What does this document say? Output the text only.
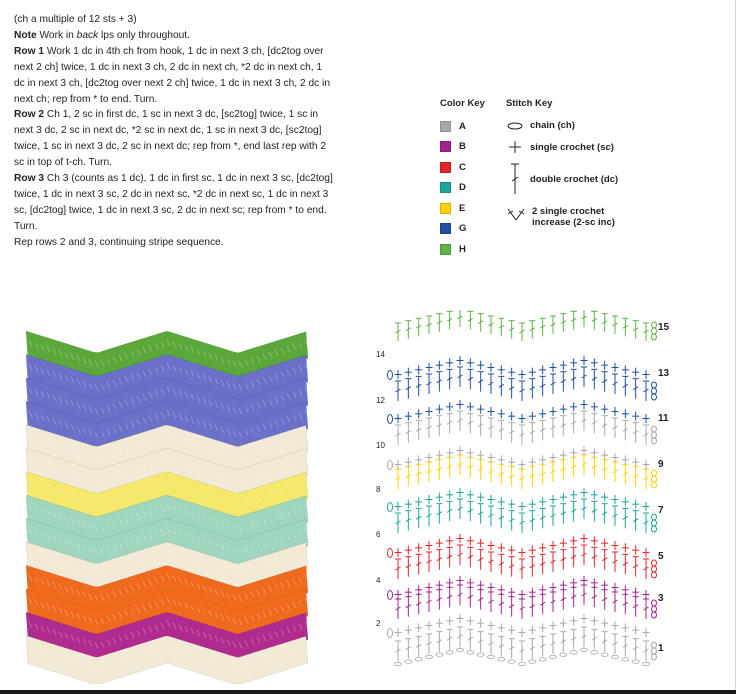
(ch a multiple of 12 sts + 3)

Note Work in back lps only throughout.

Row 1 Work 1 dc in 4th ch from hook, 1 dc in next 3 ch, [dc2tog over next 2 ch] twice, 1 dc in next 3 ch, 2 dc in next ch, *2 dc in next ch, 1 dc in next 3 ch, [dc2tog over next 2 ch] twice, 1 dc in next 3 ch, 2 dc in next ch; rep from * to end. Turn.

Row 2 Ch 1, 2 sc in first dc, 1 sc in next 3 dc, [sc2tog] twice, 1 sc in next 3 dc, 2 sc in next dc, *2 sc in next dc, 1 sc in next 3 dc, [sc2tog] twice, 1 sc in next 3 dc, 2 sc in next dc; rep from *, end last rep with 2 sc in top of t-ch. Turn.

Row 3 Ch 3 (counts as 1 dc), 1 dc in first sc, 1 dc in next 3 sc, [dc2tog] twice, 1 dc in next 3 sc, 2 dc in next sc, *2 dc in next sc, 1 dc in next 3 sc, [dc2tog] twice, 1 dc in next 3 sc, 2 dc in next sc; rep from * to end. Turn.

Rep rows 2 and 3, continuing stripe sequence.

Color Key
A
B
C
D
E
G
H
Stitch Key
chain (ch)
single crochet (sc)
double crochet (dc)
2 single crochet
increase (2-sc inc)
14
12
10
8
6
4
2
15
13
11
9
7
5
3
1
